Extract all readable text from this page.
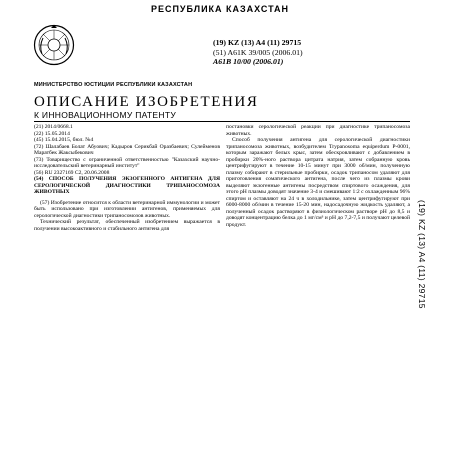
РЕСПУБЛИКА КАЗАХСТАН
(19) KZ (13) A4 (11) 29715
(51) A61K 39/005 (2006.01)
A61B 10/00 (2006.01)
МИНИСТЕРСТВО ЮСТИЦИИ РЕСПУБЛИКИ КАЗАХСТАН
ОПИСАНИЕ ИЗОБРЕТЕНИЯ
К ИННОВАЦИОННОМУ ПАТЕНТУ

(21) 2014/0668.1

(22) 15.05.2014

(45) 15.04.2015, бюл. №4

(72) Шалабаев Болат Абуович; Кадыров Серикбай Оразбаевич; Сулейменов Маратбек Жаксыбекович

(73) Товарищество с ограниченной ответственностью "Казахский научно-исследовательский ветеринарный институт"

(56) RU 2327169 C2, 20.06.2008

(54) СПОСОБ ПОЛУЧЕНИЯ ЭКЗОГЕННОГО АНТИГЕНА ДЛЯ СЕРОЛОГИЧЕСКОЙ ДИАГНОСТИКИ ТРИПАНОСОМОЗА ЖИВОТНЫХ

(57) Изобретение относится к области ветеринарной иммунологии и может быть использовано при изготовлении антигенов, применяемых для серологической диагностики трипаносомозов животных.

Технический результат, обеспеченный изобретением выражается в получении высокоактивного и стабильного антигена для

постановки серологической реакции при диагностике трипаносомоза животных.

Способ получения антигена для серологической диагностики трипаносомоза животных, возбудителем Trypanosoma equiperdum Р-0001, которым заражают белых крыс, затем обескровливают с добавлением в пробирки 20%-ного раствора цитрата натрия, затем собранную кровь центрифугируют в течение 10-15 минут при 3000 об/мин, полученную плазму собирают в стерильные пробирки, осадок трипаносом удаляют для приготовления соматического антигена, после чего из плазмы крови выделяют экзогенные антигены посредством спиртового осаждения, для этого pH плазмы доводят значение 3-4 и смешивают 1:2 с охлажденным 96% спиртом и оставляют на 24 ч в холодильнике, затем центрифугируют при 6000-8000 об/мин в течение 15-20 мин, надосадочную жидкость удаляют, а полученный осадок растворяют в физиологическом растворе pH до 8,5 и доводят концентрацию белка до 1 мг/см³ и pH до 7,2-7,5 и получают целевой продукт.	(19) KZ (13) A4 (11) 29715
